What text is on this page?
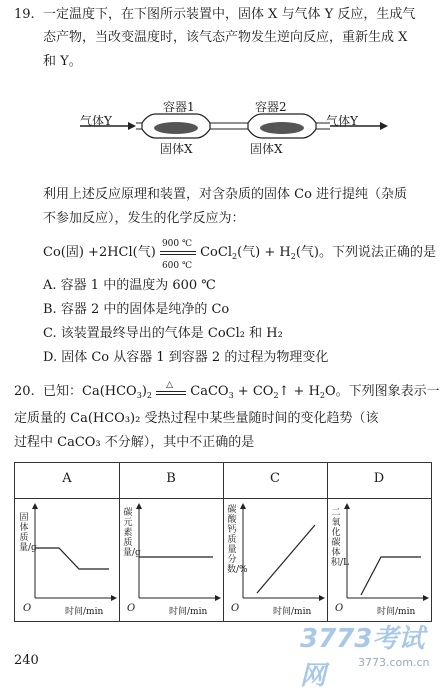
19. 一定温度下，在下图所示装置中，固体 X 与气体 Y 反应，生成气
态产物，当改变温度时，该气态产物发生逆向反应，重新生成 X
和 Y。
气体Y	气体Y
容器1	容器2
固体X	固体X
利用上述反应原理和装置，对含杂质的固体 Co 进行提纯（杂质
不参加反应），发生的化学反应为：
Co(固) +2HCl(气) $\frac{900 ℃}{600 ℃}$ CoCl$_2$(气) + $H_2$(气)。下列说法正确的是
A. 容器 1 中的温度为 600 ℃
B. 容器 2 中的固体是纯净的 Co
C. 该装置最终导出的气体是 CoCl₂ 和 H₂
D. 固体 Co 从容器 1 到容器 2 的过程为物理变化
20. 已知：$Ca(HCO_3)_2$
△ CaCO$_3$ + $CO_2↑ + H_2O$。下列图象表示一
定质量的 Ca(HCO₃)₂ 受热过程中某些量随时间的变化趋势（该
过程中 CaCO₃ 不分解），其中不正确的是
A	B	C	D
固体质量/g
O	时间/min
碳元素质量/g
O	时间/min
碳酸钙质量分数/%
O	时间/min
二氧化碳体积/L
O	时间/min
240
3773考试网	3773.com.cn
